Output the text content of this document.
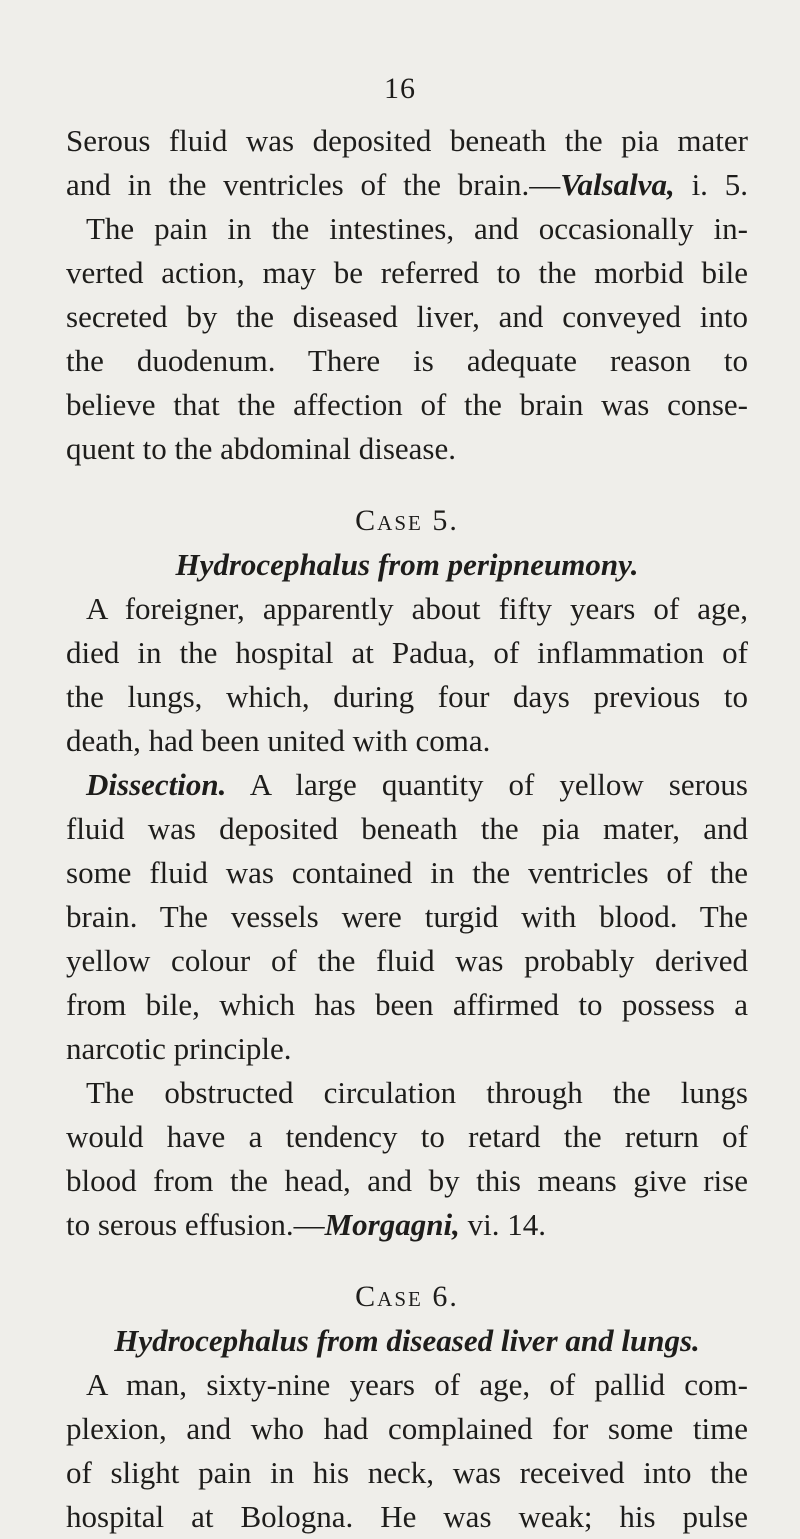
16
Serous fluid was deposited beneath the pia mater
and in the ventricles of the brain.—Valsalva, i. 5.
The pain in the intestines, and occasionally in-
verted action, may be referred to the morbid bile
secreted by the diseased liver, and conveyed into
the duodenum. There is adequate reason to
believe that the affection of the brain was conse-
quent to the abdominal disease.
Case 5.
Hydrocephalus from peripneumony.
A foreigner, apparently about fifty years of age,
died in the hospital at Padua, of inflammation of
the lungs, which, during four days previous to
death, had been united with coma.
Dissection. A large quantity of yellow serous
fluid was deposited beneath the pia mater, and
some fluid was contained in the ventricles of the
brain. The vessels were turgid with blood. The
yellow colour of the fluid was probably derived
from bile, which has been affirmed to possess a
narcotic principle.
The obstructed circulation through the lungs
would have a tendency to retard the return of
blood from the head, and by this means give rise
to serous effusion.—Morgagni, vi. 14.
Case 6.
Hydrocephalus from diseased liver and lungs.
A man, sixty-nine years of age, of pallid com-
plexion, and who had complained for some time
of slight pain in his neck, was received into the
hospital at Bologna. He was weak; his pulse
